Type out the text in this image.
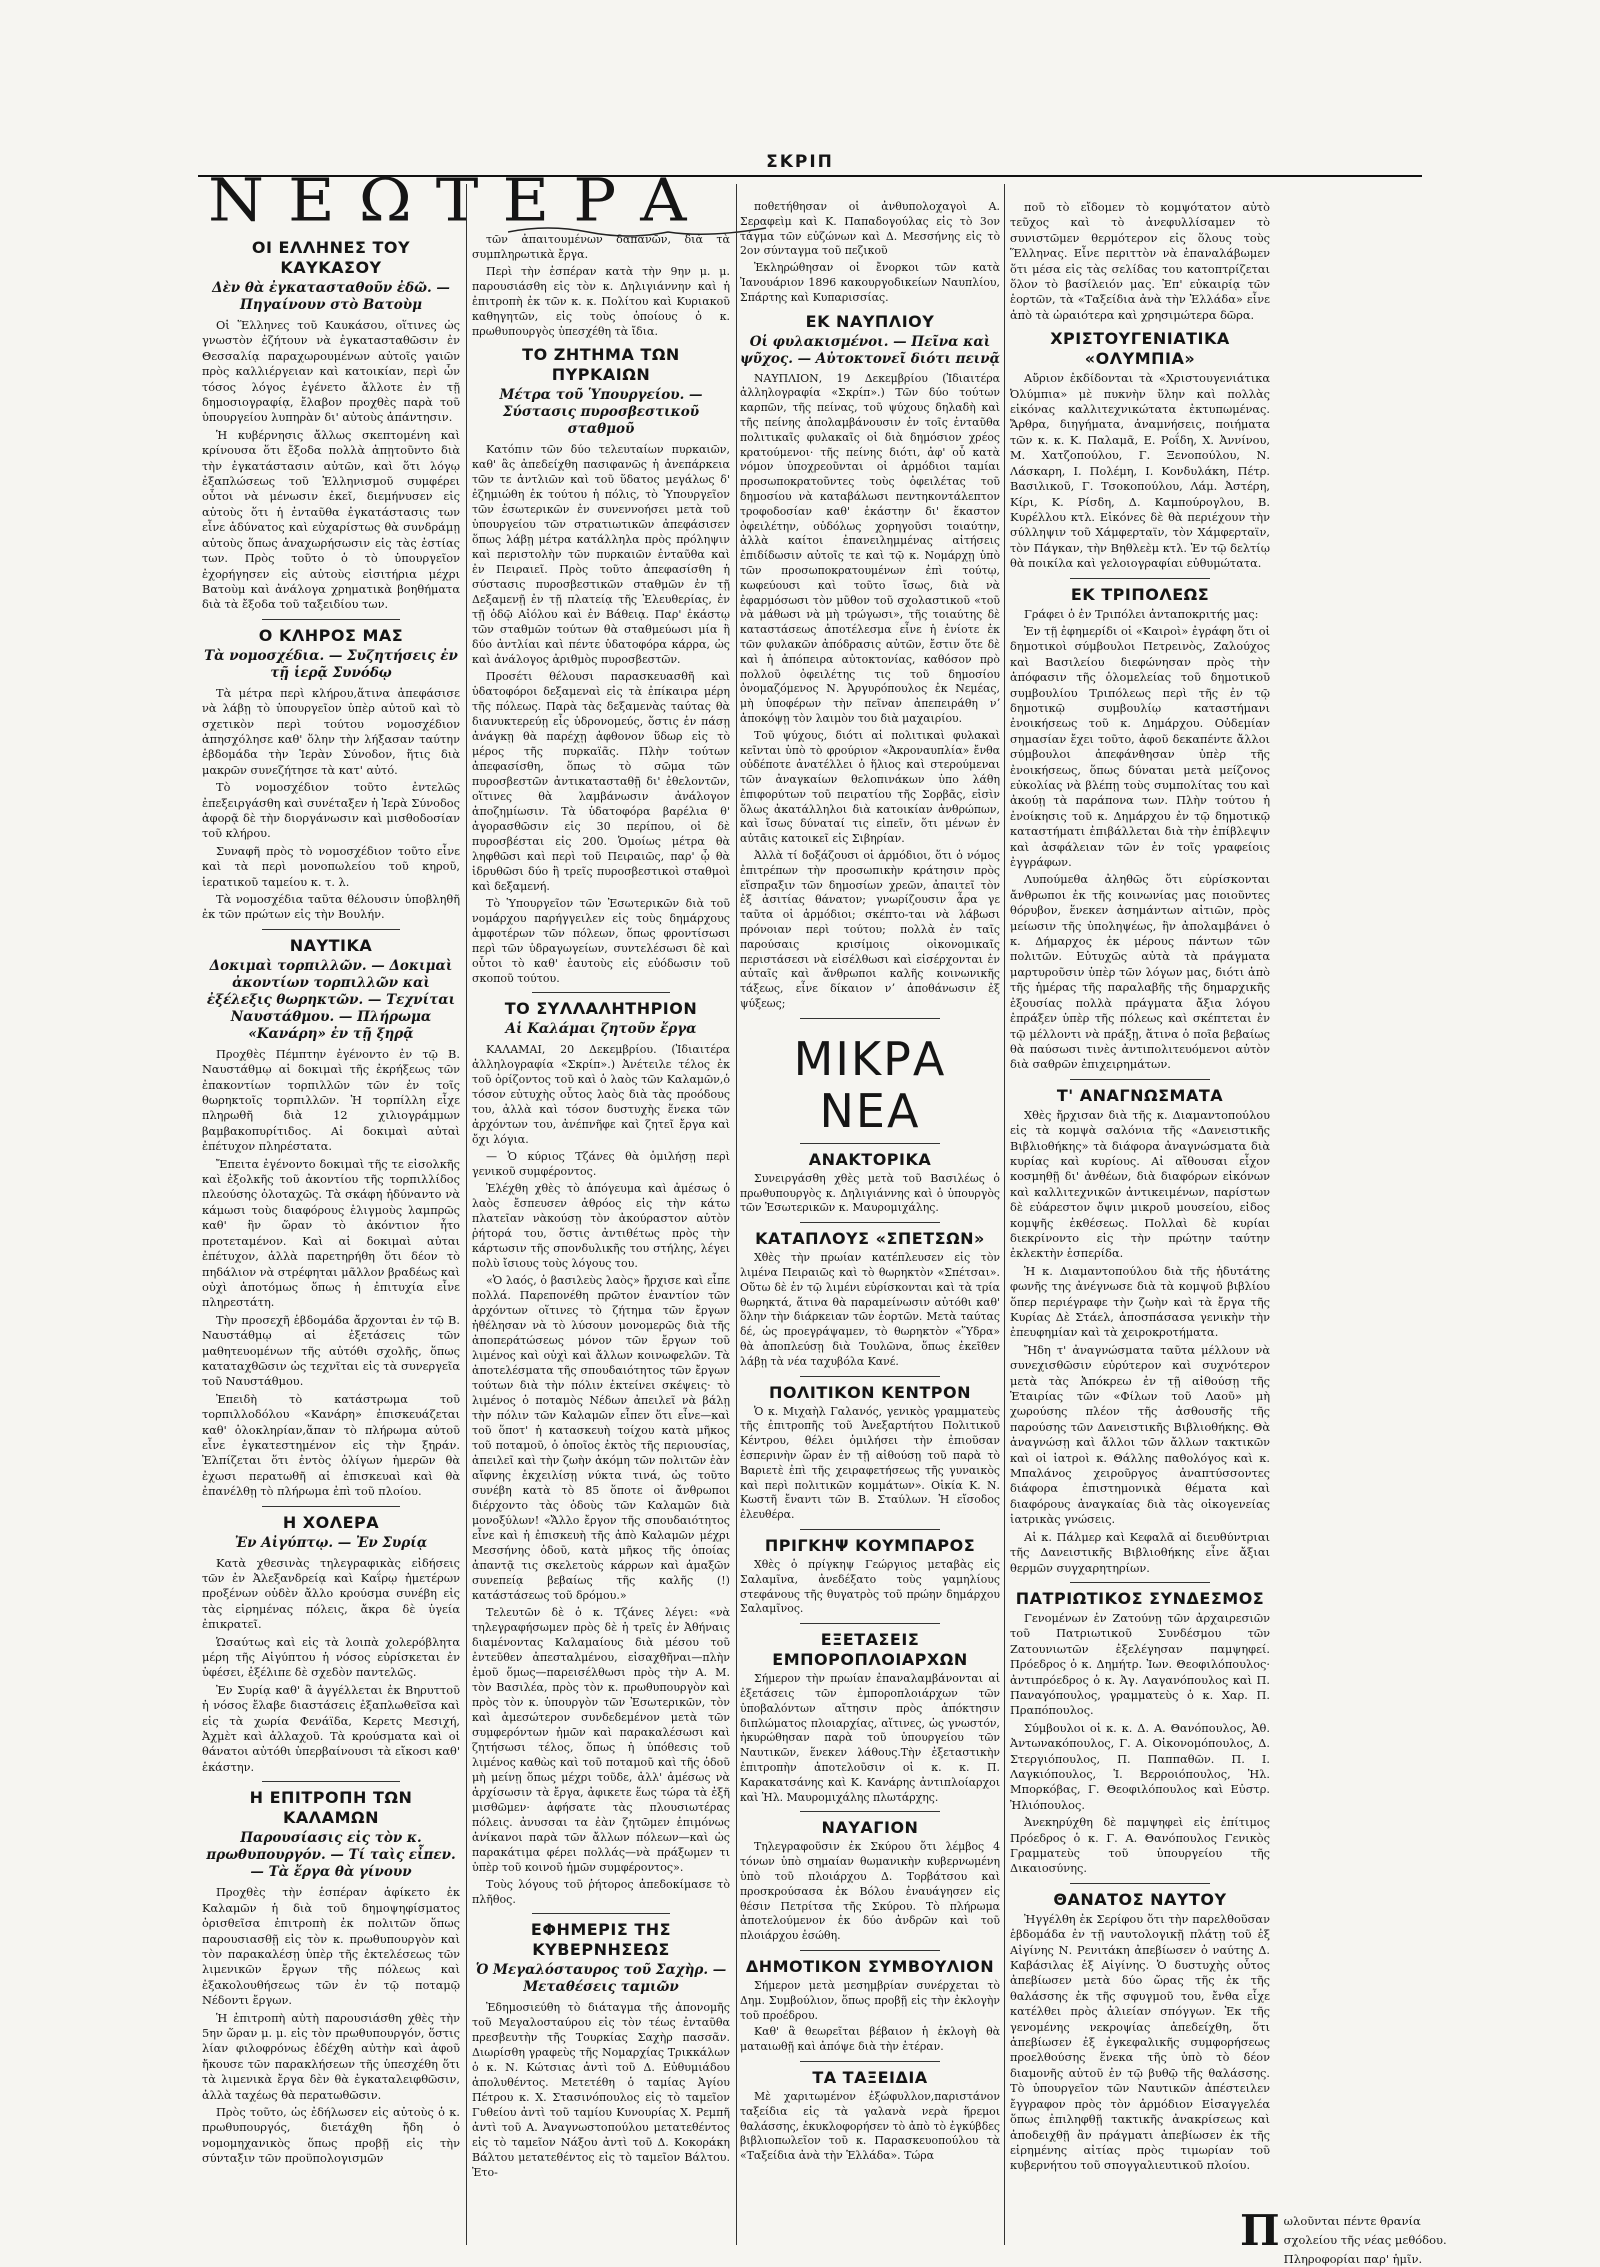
ΣΚΡΙΠ
ΝΕΩΤΕΡΑ
ΟΙ ΕΛΛΗΝΕΣ ΤΟΥ ΚΑΥΚΑΣΟΥ
Δὲν θὰ ἐγκατασταθοῦν ἐδῶ. — Πηγαίνουν στὸ Βατοὺμ

Οἱ Ἕλληνες τοῦ Καυκάσου, οἵτινες ὡς γνωστὸν ἐζήτουν νὰ ἐγκατασταθῶσιν ἐν Θεσσαλίᾳ παραχωρουμένων αὐτοῖς γαιῶν πρὸς καλλιέργειαν καὶ κατοικίαν, περὶ ὧν τόσος λόγος ἐγένετο ἄλλοτε ἐν τῇ δημοσιογραφίᾳ, ἔλαβον προχθὲς παρὰ τοῦ ὑπουργείου λυπηρὰν δι' αὐτοὺς ἀπάντησιν.

Ἡ κυβέρνησις ἄλλως σκεπτομένη καὶ κρίνουσα ὅτι ἔξοδα πολλὰ ἀπῃτοῦντο διὰ τὴν ἐγκατάστασιν αὐτῶν, καὶ ὅτι λόγῳ ἐξαπλώσεως τοῦ Ἑλληνισμοῦ συμφέρει οὗτοι νὰ μένωσιν ἐκεῖ, διεμήνυσεν εἰς αὐτοὺς ὅτι ἡ ἐνταῦθα ἐγκατάστασις των εἶνε ἀδύνατος καὶ εὐχαρίστως θὰ συνδράμῃ αὐτοὺς ὅπως ἀναχωρήσωσιν εἰς τὰς ἑστίας των. Πρὸς τοῦτο ὁ τὸ ὑπουργεῖον ἐχορήγησεν εἰς αὐτοὺς εἰσιτήρια μέχρι Βατοὺμ καὶ ἀνάλογα χρηματικὰ βοηθήματα διὰ τὰ ἔξοδα τοῦ ταξειδίου των.

Ο ΚΛΗΡΟΣ ΜΑΣ
Τὰ νομοσχέδια. — Συζητήσεις ἐν τῇ ἱερᾷ Συνόδῳ

Τὰ μέτρα περὶ κλήρου,ἅτινα ἀπεφάσισε νὰ λάβῃ τὸ ὑπουργεῖον ὑπὲρ αὐτοῦ καὶ τὸ σχετικὸν περὶ τούτου νομοσχέδιον ἀπησχόλησε καθ' ὅλην τὴν λήξασαν ταύτην ἑβδομάδα τὴν Ἱερὰν Σύνοδον, ἥτις διὰ μακρῶν συνεζήτησε τὰ κατ' αὐτό.

Τὸ νομοσχέδιον τοῦτο ἐντελῶς ἐπεξειργάσθη καὶ συνέταξεν ἡ Ἱερὰ Σύνοδος ἀφορᾷ δὲ τὴν διοργάνωσιν καὶ μισθοδοσίαν τοῦ κλήρου.

Συναφῆ πρὸς τὸ νομοσχέδιον τοῦτο εἶνε καὶ τὰ περὶ μονοπωλείου τοῦ κηροῦ, ἱερατικοῦ ταμείου κ. τ. λ.

Τὰ νομοσχέδια ταῦτα θέλουσιν ὑποβληθῆ ἐκ τῶν πρώτων εἰς τὴν Βουλήν.

ΝΑΥΤΙΚΑ
Δοκιμαὶ τορπιλλῶν. — Δοκιμαὶ ἀκοντίων τορπιλλῶν καὶ ἐξέλεξις θωρηκτῶν. — Τεχνίται Ναυστάθμου. — Πλήρωμα «Κανάρη» ἐν τῇ ξηρᾷ

Προχθὲς Πέμπτην ἐγένοντο ἐν τῷ Β. Ναυστάθμῳ αἱ δοκιμαὶ τῆς ἐκρήξεως τῶν ἐπακοντίων τορπιλλῶν τῶν ἐν τοῖς θωρηκτοῖς τορπιλλῶν. Ἡ τορπίλλη εἶχε πληρωθῆ διὰ 12 χιλιογράμμων βαμβακοπυρίτιδος. Αἱ δοκιμαὶ αὐταὶ ἐπέτυχον πληρέστατα.

Ἔπειτα ἐγένοντο δοκιμαὶ τῆς τε εἰσολκῆς καὶ ἐξολκῆς τοῦ ἀκοντίου τῆς τορπιλλίδος πλεούσης ὁλοταχῶς. Τὰ σκάφη ἠδύναντο νὰ κάμωσι τοὺς διαφόρους ἑλιγμοὺς λαμπρῶς καθ' ἣν ὥραν τὸ ἀκόντιον ἦτο προτεταμένον. Καὶ αἱ δοκιμαὶ αὐται ἐπέτυχον, ἀλλὰ παρετηρήθη ὅτι δέον τὸ πηδάλιον νὰ στρέφηται μᾶλλον βραδέως καὶ οὐχὶ ἀποτόμως ὅπως ἡ ἐπιτυχία εἶνε πληρεστάτη.

Τὴν προσεχῆ ἑβδομάδα ἄρχονται ἐν τῷ Β. Ναυστάθμῳ αἱ ἐξετάσεις τῶν μαθητευομένων τῆς αὐτόθι σχολῆς, ὅπως καταταχθῶσιν ὡς τεχνῖται εἰς τὰ συνεργεῖα τοῦ Ναυστάθμου.

Ἐπειδὴ τὸ κατάστρωμα τοῦ τορπιλλοδόλου «Κανάρη» ἐπισκευάζεται καθ' ὁλοκληρίαν,ἅπαν τὸ πλήρωμα αὐτοῦ εἶνε ἐγκατεστημένον εἰς τὴν ξηράν. Ἐλπίζεται ὅτι ἐντὸς ὀλίγων ἡμερῶν θὰ ἐχωσι περατωθῆ αἱ ἐπισκευαὶ καὶ θὰ ἐπανέλθῃ τὸ πλήρωμα ἐπὶ τοῦ πλοίου.

Η ΧΟΛΕΡΑ
Ἐν Αἰγύπτῳ. — Ἐν Συρίᾳ

Κατὰ χθεσινὰς τηλεγραφικὰς εἰδήσεις τῶν ἐν Ἀλεξανδρείᾳ καὶ Καΐρῳ ἡμετέρων προξένων οὐδὲν ἄλλο κρούσμα συνέβη εἰς τὰς εἰρημένας πόλεις, ἄκρα δὲ ὑγεία ἐπικρατεῖ.

Ὡσαύτως καὶ εἰς τὰ λοιπὰ χολερόβλητα μέρη τῆς Αἰγύπτου ἡ νόσος εὑρίσκεται ἐν ὑφέσει, ἐξέλιπε δὲ σχεδὸν παντελῶς.

Ἐν Συρίᾳ καθ' ἃ ἀγγέλλεται ἐκ Βηρυττοῦ ἡ νόσος ἔλαβε διαστάσεις ἐξαπλωθεῖσα καὶ εἰς τὰ χωρία Φενάϊδα, Κερετς Μεσιχή, Ἀχμὲτ καὶ ἀλλαχοῦ. Τὰ κρούσματα καὶ οἱ θάνατοι αὐτόθι ὑπερβαίνουσι τὰ εἴκοσι καθ' ἑκάστην.

Η ΕΠΙΤΡΟΠΗ ΤΩΝ ΚΑΛΑΜΩΝ
Παρουσίασις εἰς τὸν κ. πρωθυπουργόν. — Τί ταὶς εἶπεν. — Τὰ ἔργα θὰ γίνουν

Προχθὲς τὴν ἑσπέραν ἀφίκετο ἐκ Καλαμῶν ἡ διὰ τοῦ δημοψηφίσματος ὁρισθεῖσα ἐπιτροπὴ ἐκ πολιτῶν ὅπως παρουσιασθῇ εἰς τὸν κ. πρωθυπουργὸν καὶ τὸν παρακαλέσῃ ὑπὲρ τῆς ἐκτελέσεως τῶν λιμενικῶν ἔργων τῆς πόλεως καὶ ἐξακολουθήσεως τῶν ἐν τῷ ποταμῷ Νέδοντι ἔργων.

Ἡ ἐπιτροπὴ αὐτὴ παρουσιάσθη χθὲς τὴν 5ην ὥραν μ. μ. εἰς τὸν πρωθυπουργόν, ὅστις λίαν φιλοφρόνως ἐδέχθη αὐτὴν καὶ ἀφοῦ ἤκουσε τῶν παρακλήσεων τῆς ὑπεσχέθη ὅτι τὰ λιμενικὰ ἔργα δὲν θὰ ἐγκαταλειφθῶσιν, ἀλλὰ ταχέως θὰ περατωθῶσιν.

Πρὸς τοῦτο, ὡς ἐδήλωσεν εἰς αὐτοὺς ὁ κ. πρωθυπουργός, διετάχθη ἤδη ὁ νομομηχανικὸς ὅπως προβῇ εἰς τὴν σύνταξιν τῶν προϋπολογισμῶν

τῶν ἀπαιτουμένων δαπανῶν, διὰ τὰ συμπληρωτικὰ ἔργα.

Περὶ τὴν ἑσπέραν κατὰ τὴν 9ην μ. μ. παρουσιάσθη εἰς τὸν κ. Δηλιγιάννην καὶ ἡ ἐπιτροπὴ ἐκ τῶν κ. κ. Πολίτου καὶ Κυριακοῦ καθηγητῶν, εἰς τοὺς ὁποίους ὁ κ. πρωθυπουργὸς ὑπεσχέθη τὰ ἴδια.

ΤΟ ΖΗΤΗΜΑ ΤΩΝ ΠΥΡΚΑΙΩΝ
Μέτρα τοῦ Ὑπουργείου. — Σύστασις πυροσβεστικοῦ σταθμοῦ

Κατόπιν τῶν δύο τελευταίων πυρκαιῶν, καθ' ἃς ἀπεδείχθη πασιφανῶς ἡ ἀνεπάρκεια τῶν τε ἀντλιῶν καὶ τοῦ ὕδατος μεγάλως δ' ἐζημιώθη ἐκ τούτου ἡ πόλις, τὸ Ὑπουργεῖον τῶν ἐσωτερικῶν ἐν συνεννοήσει μετὰ τοῦ ὑπουργείου τῶν στρατιωτικῶν ἀπεφάσισεν ὅπως λάβῃ μέτρα κατάλληλα πρὸς πρόληψιν καὶ περιστολὴν τῶν πυρκαιῶν ἐνταῦθα καὶ ἐν Πειραιεῖ. Πρὸς τοῦτο ἀπεφασίσθη ἡ σύστασις πυροσβεστικῶν σταθμῶν ἐν τῇ Δεξαμενῇ ἐν τῇ πλατείᾳ τῆς Ἐλευθερίας, ἐν τῇ ὁδῷ Αἰόλου καὶ ἐν Βάθειᾳ. Παρ' ἑκάστῳ τῶν σταθμῶν τούτων θὰ σταθμεύωσι μία ἢ δύο ἀντλίαι καὶ πέντε ὑδατοφόρα κάρρα, ὡς καὶ ἀνάλογος ἀριθμὸς πυροσβεστῶν.

Προσέτι θέλουσι παρασκευασθῆ καὶ ὑδατοφόροι δεξαμεναὶ εἰς τὰ ἐπίκαιρα μέρη τῆς πόλεως. Παρὰ τὰς δεξαμενὰς ταύτας θὰ διανυκτερεύῃ εἷς ὑδρονομεύς, ὅστις ἐν πάσῃ ἀνάγκῃ θὰ παρέχῃ ἀφθονον ὕδωρ εἰς τὸ μέρος τῆς πυρκαϊᾶς. Πλὴν τούτων ἀπεφασίσθη, ὅπως τὸ σῶμα τῶν πυροσβεστῶν ἀντικατασταθῇ δι' ἐθελοντῶν, οἵτινες θὰ λαμβάνωσιν ἀνάλογον ἀποζημίωσιν. Τὰ ὑδατοφόρα βαρέλια θ' ἀγορασθῶσιν εἰς 30 περίπου, οἱ δὲ πυροσβέσται εἰς 200. Ὁμοίως μέτρα θὰ ληφθῶσι καὶ περὶ τοῦ Πειραιῶς, παρ' ᾧ θὰ ἱδρυθῶσι δύο ἢ τρεῖς πυροσβεστικοὶ σταθμοὶ καὶ δεξαμενή.

Τὸ Ὑπουργεῖον τῶν Ἐσωτερικῶν διὰ τοῦ νομάρχου παρήγγειλεν εἰς τοὺς δημάρχους ἀμφοτέρων τῶν πόλεων, ὅπως φροντίσωσι περὶ τῶν ὑδραγωγείων, συντελέσωσι δὲ καὶ οὗτοι τὸ καθ' ἑαυτοὺς εἰς εὐόδωσιν τοῦ σκοποῦ τούτου.

ΤΟ ΣΥΛΛΑΛΗΤΗΡΙΟΝ
Αἱ Καλάμαι ζητοῦν ἔργα

ΚΑΛΑΜΑΙ, 20 Δεκεμβρίου. (Ἰδιαιτέρα ἀλληλογραφία «Σκρίπ».) Ἀνέτειλε τέλος ἐκ τοῦ ὁρίζοντος τοῦ καὶ ὁ λαὸς τῶν Καλαμῶν,ὁ τόσον εὐτυχὴς οὗτος λαὸς διὰ τὰς προόδους του, ἀλλὰ καὶ τόσον δυστυχὴς ἕνεκα τῶν ἀρχόντων του, ἀνέπνῆφε καὶ ζητεῖ ἔργα καὶ ὄχι λόγια.

— Ὁ κύριος Τζάνες θὰ ὁμιλήσῃ περὶ γενικοῦ συμφέροντος.

Ἐλέχθη χθὲς τὸ ἀπόγευμα καὶ ἀμέσως ὁ λαὸς ἔσπευσεν ἀθρόος εἰς τὴν κάτω πλατεῖαν νὰκούσῃ τὸν ἀκούραστον αὐτὸν ῥήτορά του, ὅστις ἀντιθέτως πρὸς τὴν κάρτωσιν τῆς σπονδυλικῆς του στήλης, λέγει πολὺ ἴσιους τοὺς λόγους του.

«Ὁ λαός, ὁ βασιλεὺς λαὸς» ἤρχισε καὶ εἶπε πολλά. Παρεπονέθη πρῶτον ἐναντίον τῶν ἀρχόντων οἵτινες τὸ ζήτημα τῶν ἔργων ἠθέλησαν νὰ τὸ λύσουν μονομερῶς διὰ τῆς ἀποπεράτώσεως μόνον τῶν ἔργων τοῦ λιμένος καὶ οὐχὶ καὶ ἄλλων κοινωφελῶν. Τὰ ἀποτελέσματα τῆς σπουδαιότητος τῶν ἔργων τούτων διὰ τὴν πόλιν ἐκτείνει σκέψεις· τὸ λιμένος ὁ ποταμὸς Νέδων ἀπειλεῖ νὰ βάλῃ τὴν πόλιν τῶν Καλαμῶν εἶπεν ὅτι εἶνε—καὶ τοῦ ὅποτ' ἡ κατασκευὴ τοίχου κατὰ μῆκος τοῦ ποταμοῦ, ὁ ὁποῖος ἐκτὸς τῆς περιουσίας, ἀπειλεῖ καὶ τὴν ζωὴν ἀκόμη τῶν πολιτῶν ἐὰν αἴφνης ἐκχειλίσῃ νύκτα τινά, ὡς τοῦτο συνέβη κατὰ τὸ 85 ὅποτε οἱ ἄνθρωποι διέρχοντο τὰς ὁδοὺς τῶν Καλαμῶν διὰ μονοξύλων! «Ἄλλο ἔργον τῆς σπουδαιότητος εἶνε καὶ ἡ ἐπισκευὴ τῆς ἀπὸ Καλαμῶν μέχρι Μεσσήνης ὁδοῦ, κατὰ μῆκος τῆς ὁποίας ἀπαντᾷ τις σκελετοὺς κάρρων καὶ ἁμαξῶν συνεπείᾳ βεβαίως τῆς καλῆς (!) κατάστάσεως τοῦ δρόμου.»

Τελευτῶν δὲ ὁ κ. Τζάνες λέγει: «νὰ τηλεγραφήσωμεν πρὸς δὲ ἡ τρεῖς ἐν Ἀθήναις διαμένοντας Καλαμαίους διὰ μέσου τοῦ ἐντεῦθεν ἀπεσταλμένου, εἰσαχθῆναι—πλὴν ἐμοῦ ὅμως—παρεισέλθωσι πρὸς τὴν Α. Μ. τὸν Βασιλέα, πρὸς τὸν κ. πρωθυπουργὸν καὶ πρὸς τὸν κ. ὑπουργὸν τῶν Ἐσωτερικῶν, τὸν καὶ ἀμεσώτερον συνδεδεμένον μετὰ τῶν συμφερόντων ἡμῶν καὶ παρακαλέσωσι καὶ ζητήσωσι τέλος, ὅπως ἡ ὑπόθεσις τοῦ λιμένος καθὼς καὶ τοῦ ποταμοῦ καὶ τῆς ὁδοῦ μὴ μείνῃ ὅπως μέχρι τοῦδε, ἀλλ' ἀμέσως νὰ ἀρχίσωσιν τὰ ἔργα, ἀφικετε ἕως τώρα τὰ ἐξῆ μισθῶμεν· ἀφήσατε τὰς πλουσιωτέρας πόλεις. ἀνυσσαι τα ἐὰν ζητῶμεν ἐπιμόνως ἀνίκανοι παρὰ τῶν ἄλλων πόλεων—καὶ ὡς παρακάτιμα φέρει πολλάς—νὰ πράξωμεν τι ὑπὲρ τοῦ κοινοῦ ἡμῶν συμφέροντος».

Τοὺς λόγους τοῦ ῥήτορος ἀπεδοκίμασε τὸ πλῆθος.

ΕΦΗΜΕΡΙΣ ΤΗΣ ΚΥΒΕΡΝΗΣΕΩΣ
Ὁ Μεγαλόσταυρος τοῦ Σαχὴρ. — Μεταθέσεις ταμιῶν

Ἐδημοσιεύθη τὸ διάταγμα τῆς ἀπονομῆς τοῦ Μεγαλοσταύρου εἰς τὸν τέως ἐνταῦθα πρεσβευτὴν τῆς Τουρκίας Σαχὴρ πασσᾶν. Διωρίσθη γραφεὺς τῆς Νομαρχίας Τρικκάλων ὁ κ. Ν. Κώτσιας ἀντὶ τοῦ Δ. Εὐθυμιάδου ἀπολυθέντος. Μετετέθη ὁ ταμίας Ἀγίου Πέτρου κ. Χ. Στασινόπουλος εἰς τὸ ταμεῖον Γυθείου ἀντὶ τοῦ ταμίου Κυνουρίας Χ. Ρεμπῆ ἀντὶ τοῦ Α. Ἀναγνωστοπούλου μετατεθέντος εἰς τὸ ταμεῖον Νάξου ἀντὶ τοῦ Δ. Κοκοράκη Βάλτου μετατεθέντος εἰς τὸ ταμεῖον Βάλτου. Ἐτο-

ποθετήθησαν οἱ ἀνθυπολοχαγοὶ Α. Σεραφεὶμ καὶ Κ. Παπαδογούλας εἰς τὸ 3ον τάγμα τῶν εὐζώνων καὶ Δ. Μεσσήνης εἰς τὸ 2ον σύνταγμα τοῦ πεζικοῦ

Ἐκληρώθησαν οἱ ἔνορκοι τῶν κατὰ Ἰανουάριον 1896 κακουργοδικείων Ναυπλίου, Σπάρτης καὶ Κυπαρισσίας.

ΕΚ ΝΑΥΠΛΙΟΥ
Οἱ φυλακισμένοι. — Πεῖνα καὶ ψῦχος. — Αὐτοκτονεῖ διότι πεινᾷ

ΝΑΥΠΛΙΟΝ, 19 Δεκεμβρίου (Ἰδιαιτέρα ἀλληλογραφία «Σκρίπ».) Τῶν δύο τούτων καρπῶν, τῆς πείνας, τοῦ ψύχους δηλαδὴ καὶ τῆς πείνης ἀπολαμβάνουσιν ἐν τοῖς ἐνταῦθα πολιτικαῖς φυλακαῖς οἱ διὰ δημόσιον χρέος κρατούμενοι· τῆς πείνης διότι, ἀφ' οὗ κατὰ νόμον ὑποχρεοῦνται οἱ ἁρμόδιοι ταμίαι προσωποκρατοῦντες τοὺς ὀφειλέτας τοῦ δημοσίου νὰ καταβάλωσι πεντηκοντάλεπτον τροφοδοσίαν καθ' ἑκάστην δι' ἕκαστον ὀφειλέτην, οὐδόλως χορηγοῦσι τοιαύτην, ἀλλὰ καίτοι ἐπανειλημμένας αἰτήσεις ἐπιδίδωσιν αὐτοῖς τε καὶ τῷ κ. Νομάρχῃ ὑπὸ τῶν προσωποκρατουμένων ἐπὶ τούτῳ, κωφεύουσι καὶ τοῦτο ἴσως, διὰ νὰ ἐφαρμόσωσι τὸν μῦθον τοῦ σχολαστικοῦ «τοῦ νὰ μάθωσι νὰ μὴ τρώγωσι», τῆς τοιαύτης δὲ καταστάσεως ἀποτέλεσμα εἶνε ἡ ἐνίοτε ἐκ τῶν φυλακῶν ἀπόδρασις αὐτῶν, ἔστιν ὅτε δὲ καὶ ἡ ἀπόπειρα αὐτοκτονίας, καθόσον πρὸ πολλοῦ ὀφειλέτης τις τοῦ δημοσίου ὀνομαζόμενος Ν. Ἀργυρόπουλος ἐκ Νεμέας, μὴ ὑποφέρων τὴν πεῖναν ἀπεπειράθη νʼ ἀποκόψῃ τὸν λαιμὸν του διὰ μαχαιρίου.

Τοῦ ψύχους, διότι αἱ πολιτικαὶ φυλακαὶ κεῖνται ὑπὸ τὸ φρούριον «Ἀκροναυπλία» ἔνθα οὐδέποτε ἀνατέλλει ὁ ἥλιος καὶ στερούμεναι τῶν ἀναγκαίων θελοπινάκων ὑπο λάθη ἐπιφορύτων τοῦ πειρατίου τῆς Σορβᾶς, εἰσὶν ὅλως ἀκατάλληλοι διὰ κατοικίαν ἀνθρώπων, καὶ ἴσως δύναταί τις εἰπεῖν, ὅτι μένων ἐν αὐτᾶις κατοικεῖ εἰς Σιβηρίαν.

Ἀλλὰ τί δοξάζουσι οἱ ἁρμόδιοι, ὅτι ὁ νόμος ἐπιτρέπων τὴν προσωπικὴν κράτησιν πρὸς εἴσπραξιν τῶν δημοσίων χρεῶν, ἀπαιτεῖ τὸν ἐξ ἀσιτίας θάνατον; γνωρίζουσιν ἆρα γε ταῦτα οἱ ἁρμόδιοι; σκέπτο-ται νὰ λάβωσι πρόνοιαν περὶ τούτου; πολλὰ ἐν ταῖς παρούσαις κρισίμοις οἰκονομικαῖς περιστάσεσι νὰ εἰσέλθωσι καὶ εἰσέρχονται ἐν αὐταῖς καὶ ἄνθρωποι καλῆς κοινωνικῆς τάξεως, εἶνε δίκαιον νʼ ἀποθάνωσιν ἐξ ψύξεως;

ΜΙΚΡΑ ΝΕΑ
ΑΝΑΚΤΟΡΙΚΑ

Συνειργάσθη χθὲς μετὰ τοῦ Βασιλέως ὁ πρωθυπουργὸς κ. Δηλιγιάννης καὶ ὁ ὑπουργὸς τῶν Ἐσωτερικῶν κ. Μαυρομιχάλης.

ΚΑΤΑΠΛΟΥΣ «ΣΠΕΤΣΩΝ»

Χθὲς τὴν πρωίαν κατέπλευσεν εἰς τὸν λιμένα Πειραιῶς καὶ τὸ θωρηκτὸν «Σπέτσαι». Οὕτω δὲ ἐν τῷ λιμένι εὑρίσκονται καὶ τὰ τρία θωρηκτά, ἅτινα θὰ παραμείνωσιν αὐτόθι καθ' ὅλην τὴν διάρκειαν τῶν ἑορτῶν. Μετὰ ταύτας δέ, ὡς προεγράψαμεν, τὸ θωρηκτὸν «Ὕδρα» θὰ ἀποπλεύσῃ διὰ Τουλῶνα, ὅπως ἐκεῖθεν λάβῃ τὰ νέα ταχυβόλα Κανέ.

ΠΟΛΙΤΙΚΟΝ ΚΕΝΤΡΟΝ

Ὁ κ. Μιχαὴλ Γαλανός, γενικὸς γραμματεὺς τῆς ἐπιτροπῆς τοῦ Ἀνεξαρτήτου Πολιτικοῦ Κέντρου, θέλει ὁμιλήσει τὴν ἐπιοῦσαν ἑσπερινὴν ὥραν ἐν τῇ αἰθούσῃ τοῦ παρὰ τὸ Βαριετὲ ἐπὶ τῆς χειραφετήσεως τῆς γυναικὸς καὶ περὶ πολιτικῶν κομμάτων». Οἰκία Κ. Ν. Κωστῆ ἔναντι τῶν Β. Σταύλων. Ἡ εἴσοδος ἐλευθέρα.

ΠΡΙΓΚΗΨ ΚΟΥΜΠΑΡΟΣ

Χθὲς ὁ πρίγκηψ Γεώργιος μεταβὰς εἰς Σαλαμῖνα, ἀνεδέξατο τοὺς γαμηλίους στεφάνους τῆς θυγατρὸς τοῦ πρώην δημάρχου Σαλαμῖνος.

ΕΞΕΤΑΣΕΙΣ ΕΜΠΟΡΟΠΛΟΙΑΡΧΩΝ

Σήμερον τὴν πρωίαν ἐπαναλαμβάνονται αἱ ἐξετάσεις τῶν ἐμποροπλοιάρχων τῶν ὑποβαλόντων αἴτησιν πρὸς ἀπόκτησιν διπλώματος πλοιαρχίας, αἵτινες, ὡς γνωστόν, ἠκυρώθησαν παρὰ τοῦ ὑπουργείου τῶν Ναυτικῶν, ἕνεκεν λάθους.Τὴν ἐξεταστικὴν ἐπιτροπὴν ἀποτελοῦσιν οἱ κ. κ. Π. Καρακατσάνης καὶ Κ. Κανάρης ἀντιπλοίαρχοι καὶ Ἠλ. Μαυρομιχάλης πλωτάρχης.

ΝΑΥΑΓΙΟΝ

Τηλεγραφοῦσιν ἐκ Σκύρου ὅτι λέμβος 4 τόνων ὑπὸ σημαίαν θωμανικὴν κυβερνωμένη ὑπὸ τοῦ πλοιάρχου Δ. Τορβάτσου καὶ προσκρούσασα ἐκ Βόλου ἐναυάγησεν εἰς θέσιν Πετρίτσα τῆς Σκύρου. Τὸ πλήρωμα ἀποτελούμενον ἐκ δύο ἀνδρῶν καὶ τοῦ πλοιάρχου ἐσώθη.

ΔΗΜΟΤΙΚΟΝ ΣΥΜΒΟΥΛΙΟΝ

Σήμερον μετὰ μεσημβρίαν συνέρχεται τὸ Δημ. Συμβούλιον, ὅπως προβῇ εἰς τὴν ἐκλογὴν τοῦ προέδρου.

Καθ' ἃ θεωρεῖται βέβαιον ἡ ἐκλογὴ θὰ ματαιωθῇ καὶ ἀπόψε διὰ τὴν ἑτέραν.

ΤΑ ΤΑΞΕΙΔΙΑ

Μὲ χαριτωμένον ἐξώφυλλον,παριστάνον ταξείδια εἰς τὰ γαλανὰ νερὰ ἥρεμοι θαλάσσης, ἐκυκλοφορήσεν τὸ ἀπὸ τὸ ἐγκύβδες βιβλιοπωλεῖον τοῦ κ. Παρασκευοπούλου τὰ «Ταξείδια ἀνὰ τὴν Ἑλλάδα». Τώρα

ποῦ τὸ εἴδομεν τὸ κομψότατον αὐτὸ τεῦχος καὶ τὸ ἀνεφυλλίσαμεν τὸ συνιστῶμεν θερμότερον εἰς ὅλους τοὺς Ἕλληνας. Εἶνε περιττὸν νὰ ἐπαναλάβωμεν ὅτι μέσα εἰς τὰς σελίδας του κατοπτρίζεται ὅλον τὸ βασίλειόν μας. Ἐπ' εὐκαιρίᾳ τῶν ἑορτῶν, τὰ «Ταξείδια ἀνὰ τὴν Ἑλλάδα» εἶνε ἀπὸ τὰ ὡραιότερα καὶ χρησιμώτερα δῶρα.

ΧΡΙΣΤΟΥΓΕΝΙΑΤΙΚΑ «ΟΛΥΜΠΙΑ»

Αὔριον ἐκδίδονται τὰ «Χριστουγενιάτικα Ὀλύμπια» μὲ πυκνὴν ὕλην καὶ πολλὰς εἰκόνας καλλιτεχνικώτατα ἐκτυπωμένας. Ἄρθρα, διηγήματα, ἀναμνήσεις, ποιήματα τῶν κ. κ. Κ. Παλαμᾶ, Ε. Ροΐδη, Χ. Ἀννίνου, Μ. Χατζοπούλου, Γ. Ξενοπούλου, Ν. Λάσκαρη, Ι. Πολέμη, Ι. Κονδυλάκη, Πέτρ. Βασιλικοῦ, Γ. Τσοκοπούλου, Λάμ. Ἀστέρη, Κίρι, Κ. Ρίσδη, Δ. Καμπούρογλου, Β. Κυρέλλου κτλ. Εἰκόνες δὲ θὰ περιέχουν τὴν σύλληψιν τοῦ Χάμφερταϊν, τὸν Χάμφερταϊν, τὸν Πάγκαν, τὴν Βηθλεὲμ κτλ. Ἐν τῷ δελτίῳ θὰ ποικίλα καὶ γελοιογραφίαι εὐθυμώτατα.

ΕΚ ΤΡΙΠΟΛΕΩΣ

Γράφει ὁ ἐν Τριπόλει ἀνταποκριτής μας:

Ἐν τῇ ἐφημερίδι οἱ «Καιροὶ» ἐγράφη ὅτι οἱ δημοτικοὶ σύμβουλοι Πετρεινὸς, Ζαλούχος καὶ Βασιλείου διεφώνησαν πρὸς τὴν ἀπόφασιν τῆς ὁλομελείας τοῦ δημοτικοῦ συμβουλίου Τριπόλεως περὶ τῆς ἐν τῷ δημοτικῷ συμβουλίῳ καταστήμανι ἐνοικήσεως τοῦ κ. Δημάρχου. Οὐδεμίαν σημασίαν ἔχει τοῦτο, ἀφοῦ δεκαπέντε ἄλλοι σύμβουλοι ἀπεφάνθησαν ὑπὲρ τῆς ἐνοικήσεως, ὅπως δύναται μετὰ μείζονος εὐκολίας νὰ βλέπῃ τοὺς συμπολίτας του καὶ ἀκούῃ τὰ παράπονα των. Πλὴν τούτου ἡ ἐνοίκησις τοῦ κ. Δημάρχου ἐν τῷ δημοτικῷ καταστήματι ἐπιβάλλεται διὰ τὴν ἐπίβλεψιν καὶ ἀσφάλειαν τῶν ἐν τοῖς γραφείοις ἐγγράφων.

Λυπούμεθα ἀληθῶς ὅτι εὑρίσκονται ἄνθρωποι ἐκ τῆς κοινωνίας μας ποιοῦντες θόρυβον, ἕνεκεν ἀσημάντων αἰτιῶν, πρὸς μείωσιν τῆς ὑποληψέως, ἣν ἀπολαμβάνει ὁ κ. Δήμαρχος ἐκ μέρους πάντων τῶν πολιτῶν. Εὐτυχῶς αὐτὰ τὰ πράγματα μαρτυροῦσιν ὑπὲρ τῶν λόγων μας, διότι ἀπὸ τῆς ἡμέρας τῆς παραλαβῆς τῆς δημαρχικῆς ἐξουσίας πολλὰ πράγματα ἄξια λόγου ἐπράξεν ὑπὲρ τῆς πόλεως καὶ σκέπτεται ἐν τῷ μέλλοντι νὰ πράξῃ, ἅτινα ὁ ποῖα βεβαίως θὰ παύσωσι τινὲς ἀντιπολιτευόμενοι αὐτὸν διὰ σαθρῶν ἐπιχειρημάτων.

Τ' ΑΝΑΓΝΩΣΜΑΤΑ

Χθὲς ἤρχισαν διὰ τῆς κ. Διαμαντοπούλου εἰς τὰ κομψὰ σαλόνια τῆς «Δανειστικῆς Βιβλιοθήκης» τὰ διάφορα ἀναγνώσματα διὰ κυρίας καὶ κυρίους. Αἱ αἴθουσαι εἶχον κοσμηθῇ δι' ἀνθέων, διὰ διαφόρων εἰκόνων καὶ καλλιτεχνικῶν ἀντικειμένων, παρίστων δὲ εὐάρεστον ὄψιν μικροῦ μουσείου, εἰδος κομψῆς ἐκθέσεως. Πολλαὶ δὲ κυρίαι διεκρίνοντο εἰς τὴν πρώτην ταύτην ἐκλεκτὴν ἑσπερίδα.

Ἡ κ. Διαμαντοπούλου διὰ τῆς ἡδυτάτης φωνῆς της ἀνέγνωσε διὰ τὰ κομψοῦ βιβλίου ὅπερ περιέγραφε τὴν ζωὴν καὶ τὰ ἔργα τῆς Κυρίας Δὲ Στάελ, ἀποσπάσασα γενικὴν τὴν ἐπευφημίαν καὶ τὰ χειροκροτήματα.

Ἤδη τ' ἀναγνώσματα ταῦτα μέλλουν νὰ συνεχισθῶσιν εὐρύτερον καὶ συχνότερον μετὰ τὰς Ἀπόκρεω ἐν τῇ αἰθούσῃ τῆς Ἑταιρίας τῶν «Φίλων τοῦ Λαοῦ» μὴ χωρούσης πλέον τῆς ἀσθουσῆς τῆς παρούσης τῶν Δανειστικῆς Βιβλιοθήκης. Θὰ ἀναγνώσῃ καὶ ἄλλοι τῶν ἄλλων τακτικῶν καὶ οἱ ἰατροὶ κ. Θάλλης παθολόγος καὶ κ. Μπαλάνος χειροῦργος ἀναπτύσσοντες διάφορα ἐπιστημονικὰ θέματα καὶ διαφόρους ἀναγκαίας διὰ τὰς οἰκογενείας ἰατρικὰς γνώσεις.

Αἱ κ. Πάλμερ καὶ Κεφαλᾶ αἱ διευθύντριαι τῆς Δανειστικῆς Βιβλιοθήκης εἶνε ἄξιαι θερμῶν συγχαρητηρίων.

ΠΑΤΡΙΩΤΙΚΟΣ ΣΥΝΔΕΣΜΟΣ

Γενομένων ἐν Ζατούνῃ τῶν ἀρχαιρεσιῶν τοῦ Πατριωτικοῦ Συνδέσμου τῶν Ζατουνιωτῶν ἐξελέγησαν παμψηφεί. Πρόεδρος ὁ κ. Δημήτρ. Ἰων. Θεοφιλόπουλος· ἀντιπρόεδρος ὁ κ. Ἀγ. Λαγανόπουλος καὶ Π. Παναγόπουλος, γραμματεὺς ὁ κ. Χαρ. Π. Πραπόπουλος.

Σύμβουλοι οἱ κ. κ. Δ. Α. Θανόπουλος, Ἀθ. Ἀντωνακόπουλος, Γ. Α. Οἰκονομόπουλος, Δ. Στεργιόπουλος, Π. Παππαθῶν. Π. Ι. Λαγκιόπουλος, Ἱ. Βερροιόπουλος, Ἠλ. Μπορκόβας, Γ. Θεοφιλόπουλος καὶ Εὐστρ. Ἠλιόπουλος.

Ἀνεκηρύχθη δὲ παμψηφεὶ εἰς ἐπίτιμος Πρόεδρος ὁ κ. Γ. Α. Θανόπουλος Γενικὸς Γραμματεὺς τοῦ ὑπουργείου τῆς Δικαιοσύνης.

ΘΑΝΑΤΟΣ ΝΑΥΤΟΥ

Ἠγγέλθη ἐκ Σερίφου ὅτι τὴν παρελθοῦσαν ἑβδομάδα ἐν τῇ ναυτολογικῇ πλάτῃ τοῦ ἐξ Αἰγίνης Ν. Ρενιτάκη ἀπεβίωσεν ὁ ναύτης Δ. Καβάσιλας ἐξ Αἰγίνης. Ὁ δυστυχὴς οὗτος ἀπεβίωσεν μετὰ δύο ὥρας τῆς ἐκ τῆς θαλάσσης ἐκ τῆς σφυγμοῦ του, ἔνθα εἶχε κατέλθει πρὸς ἁλιείαν σπόγγων. Ἐκ τῆς γενομένης νεκροψίας ἀπεδείχθη, ὅτι ἀπεβίωσεν ἐξ ἐγκεφαλικῆς συμφορήσεως προελθούσης ἕνεκα τῆς ὑπὸ τὸ δέον διαμονῆς αὐτοῦ ἐν τῷ βυθῷ τῆς θαλάσσης. Τὸ ὑπουργεῖον τῶν Ναυτικῶν ἀπέστειλεν ἔγγραφον πρὸς τὸν ἁρμόδιον Εἰσαγγελέα ὅπως ἐπιληφθῇ τακτικῆς ἀνακρίσεως καὶ ἀποδειχθῇ ἂν πράγματι ἀπεβίωσεν ἐκ τῆς εἰρημένης αἰτίας πρὸς τιμωρίαν τοῦ κυβερνήτου τοῦ σπογγαλιευτικοῦ πλοίου.

Π ωλοῦνται πέντε θρανία σχολείου τῆς νέας μεθόδου. Πληροφορίαι παρ' ἡμῖν.
